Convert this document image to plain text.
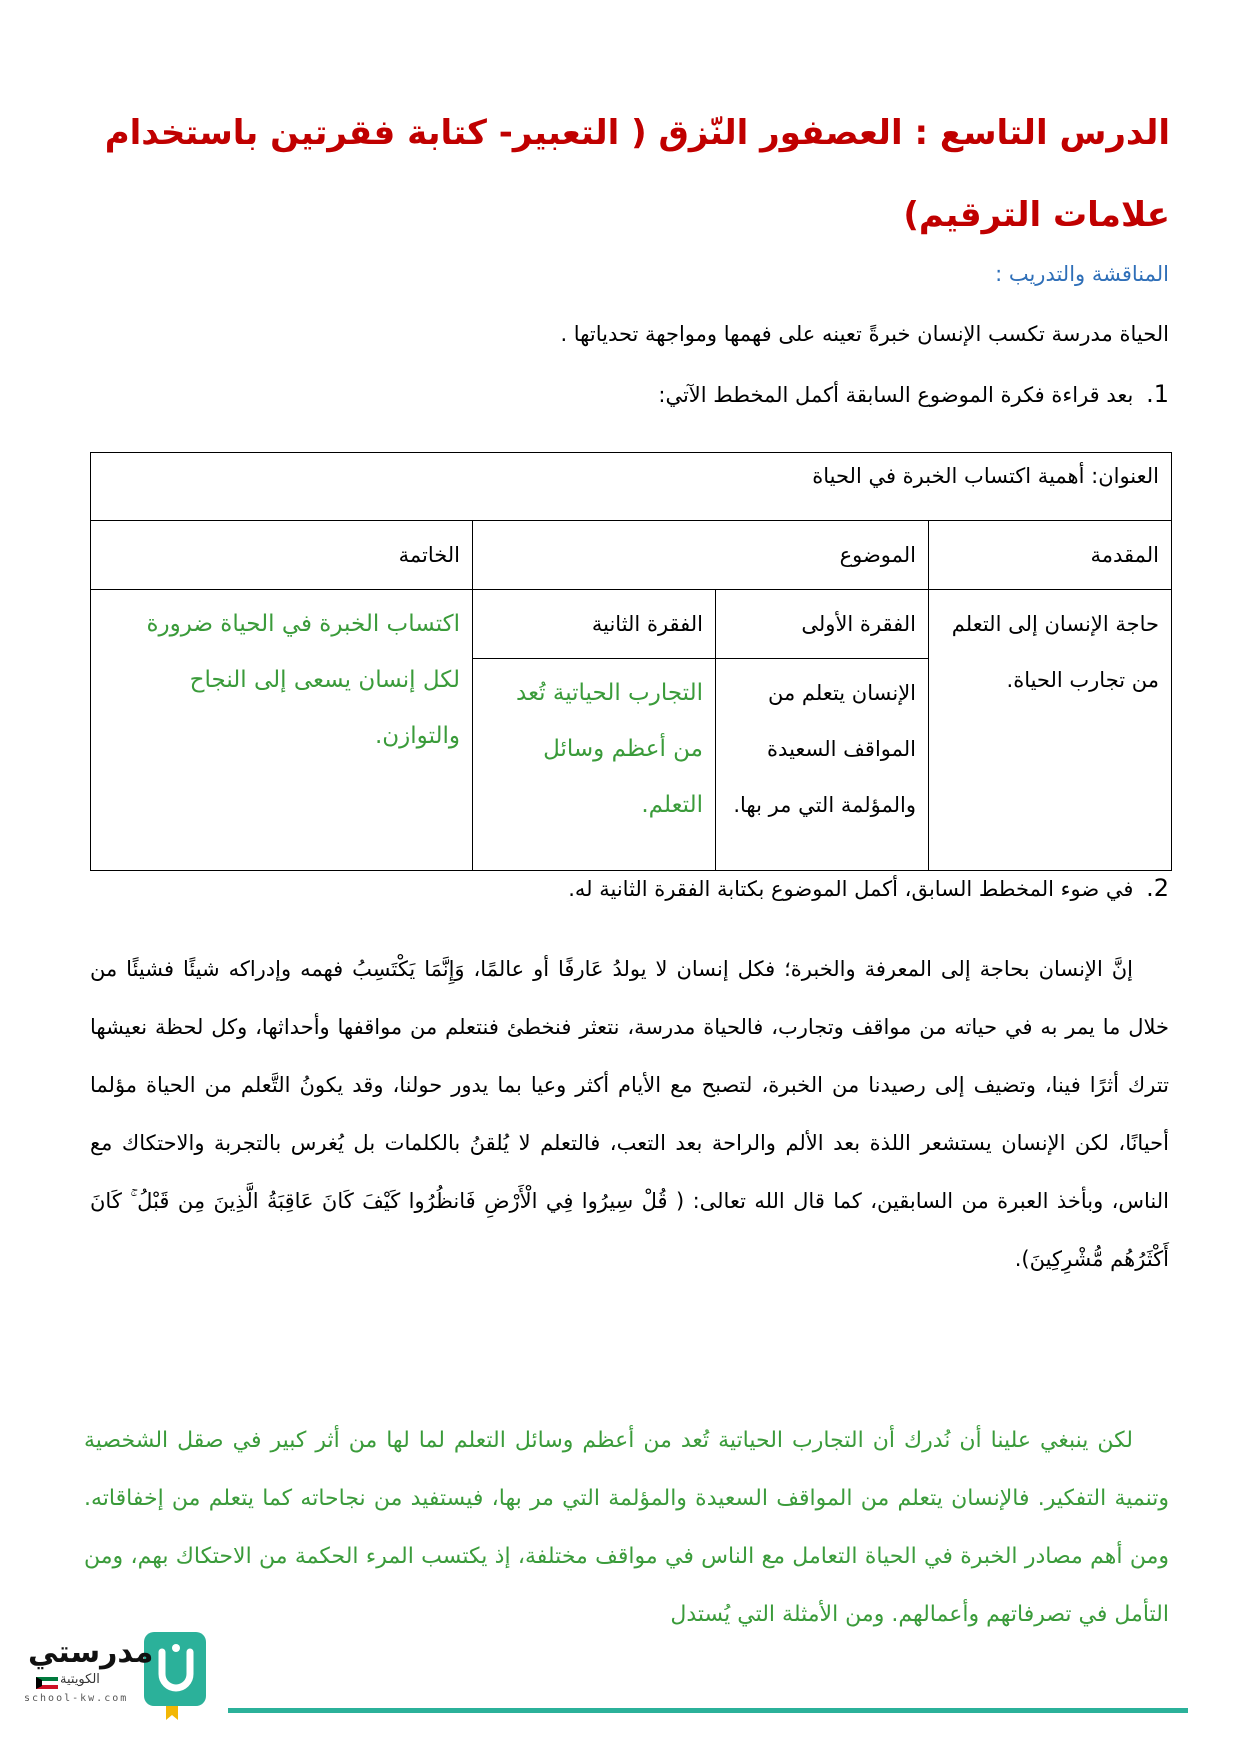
الدرس التاسع : العصفور النّزق ( التعبير- كتابة فقرتين باستخدام علامات الترقيم)
المناقشة والتدريب :
الحياة مدرسة تكسب الإنسان خبرةً تعينه على فهمها ومواجهة تحدياتها .
1. بعد قراءة فكرة الموضوع السابقة أكمل المخطط الآتي:
العنوان: أهمية اكتساب الخبرة في الحياة			
المقدمة	الموضوع		الخاتمة
حاجة الإنسان إلى التعلم من تجارب الحياة.	الفقرة الأولى	الفقرة الثانية	اكتساب الخبرة في الحياة ضرورة لكل إنسان يسعى إلى النجاح والتوازن.
	الإنسان يتعلم من المواقف السعيدة والمؤلمة التي مر بها.	التجارب الحياتية تُعد من أعظم وسائل التعلم.	
2. في ضوء المخطط السابق، أكمل الموضوع بكتابة الفقرة الثانية له.

إنَّ الإنسان بحاجة إلى المعرفة والخبرة؛ فكل إنسان لا يولدُ عَارفًا أو عالمًا، وَإِنَّمَا يَكْتَسِبُ فهمه وإدراكه شيئًا فشيئًا من خلال ما يمر به في حياته من مواقف وتجارب، فالحياة مدرسة، نتعثر فنخطئ فنتعلم من مواقفها وأحداثها، وكل لحظة نعيشها تترك أثرًا فينا، وتضيف إلى رصيدنا من الخبرة، لتصبح مع الأيام أكثر وعيا بما يدور حولنا، وقد يكونُ التَّعلم من الحياة مؤلما أحيانًا، لكن الإنسان يستشعر اللذة بعد الألم والراحة بعد التعب، فالتعلم لا يُلقنُ بالكلمات بل يُغرس بالتجربة والاحتكاك مع الناس، وبأخذ العبرة من السابقين، كما قال الله تعالى: ( قُلْ سِيرُوا فِي الْأَرْضِ فَانظُرُوا كَيْفَ كَانَ عَاقِبَةُ الَّذِينَ مِن قَبْلُ ۚ كَانَ أَكْثَرُهُم مُّشْرِكِينَ).

لكن ينبغي علينا أن نُدرك أن التجارب الحياتية تُعد من أعظم وسائل التعلم لما لها من أثر كبير في صقل الشخصية وتنمية التفكير. فالإنسان يتعلم من المواقف السعيدة والمؤلمة التي مر بها، فيستفيد من نجاحاته كما يتعلم من إخفاقاته. ومن أهم مصادر الخبرة في الحياة التعامل مع الناس في مواقف مختلفة، إذ يكتسب المرء الحكمة من الاحتكاك بهم، ومن التأمل في تصرفاتهم وأعمالهم. ومن الأمثلة التي يُستدل

مدرستي
الكويتية
school-kw.com
